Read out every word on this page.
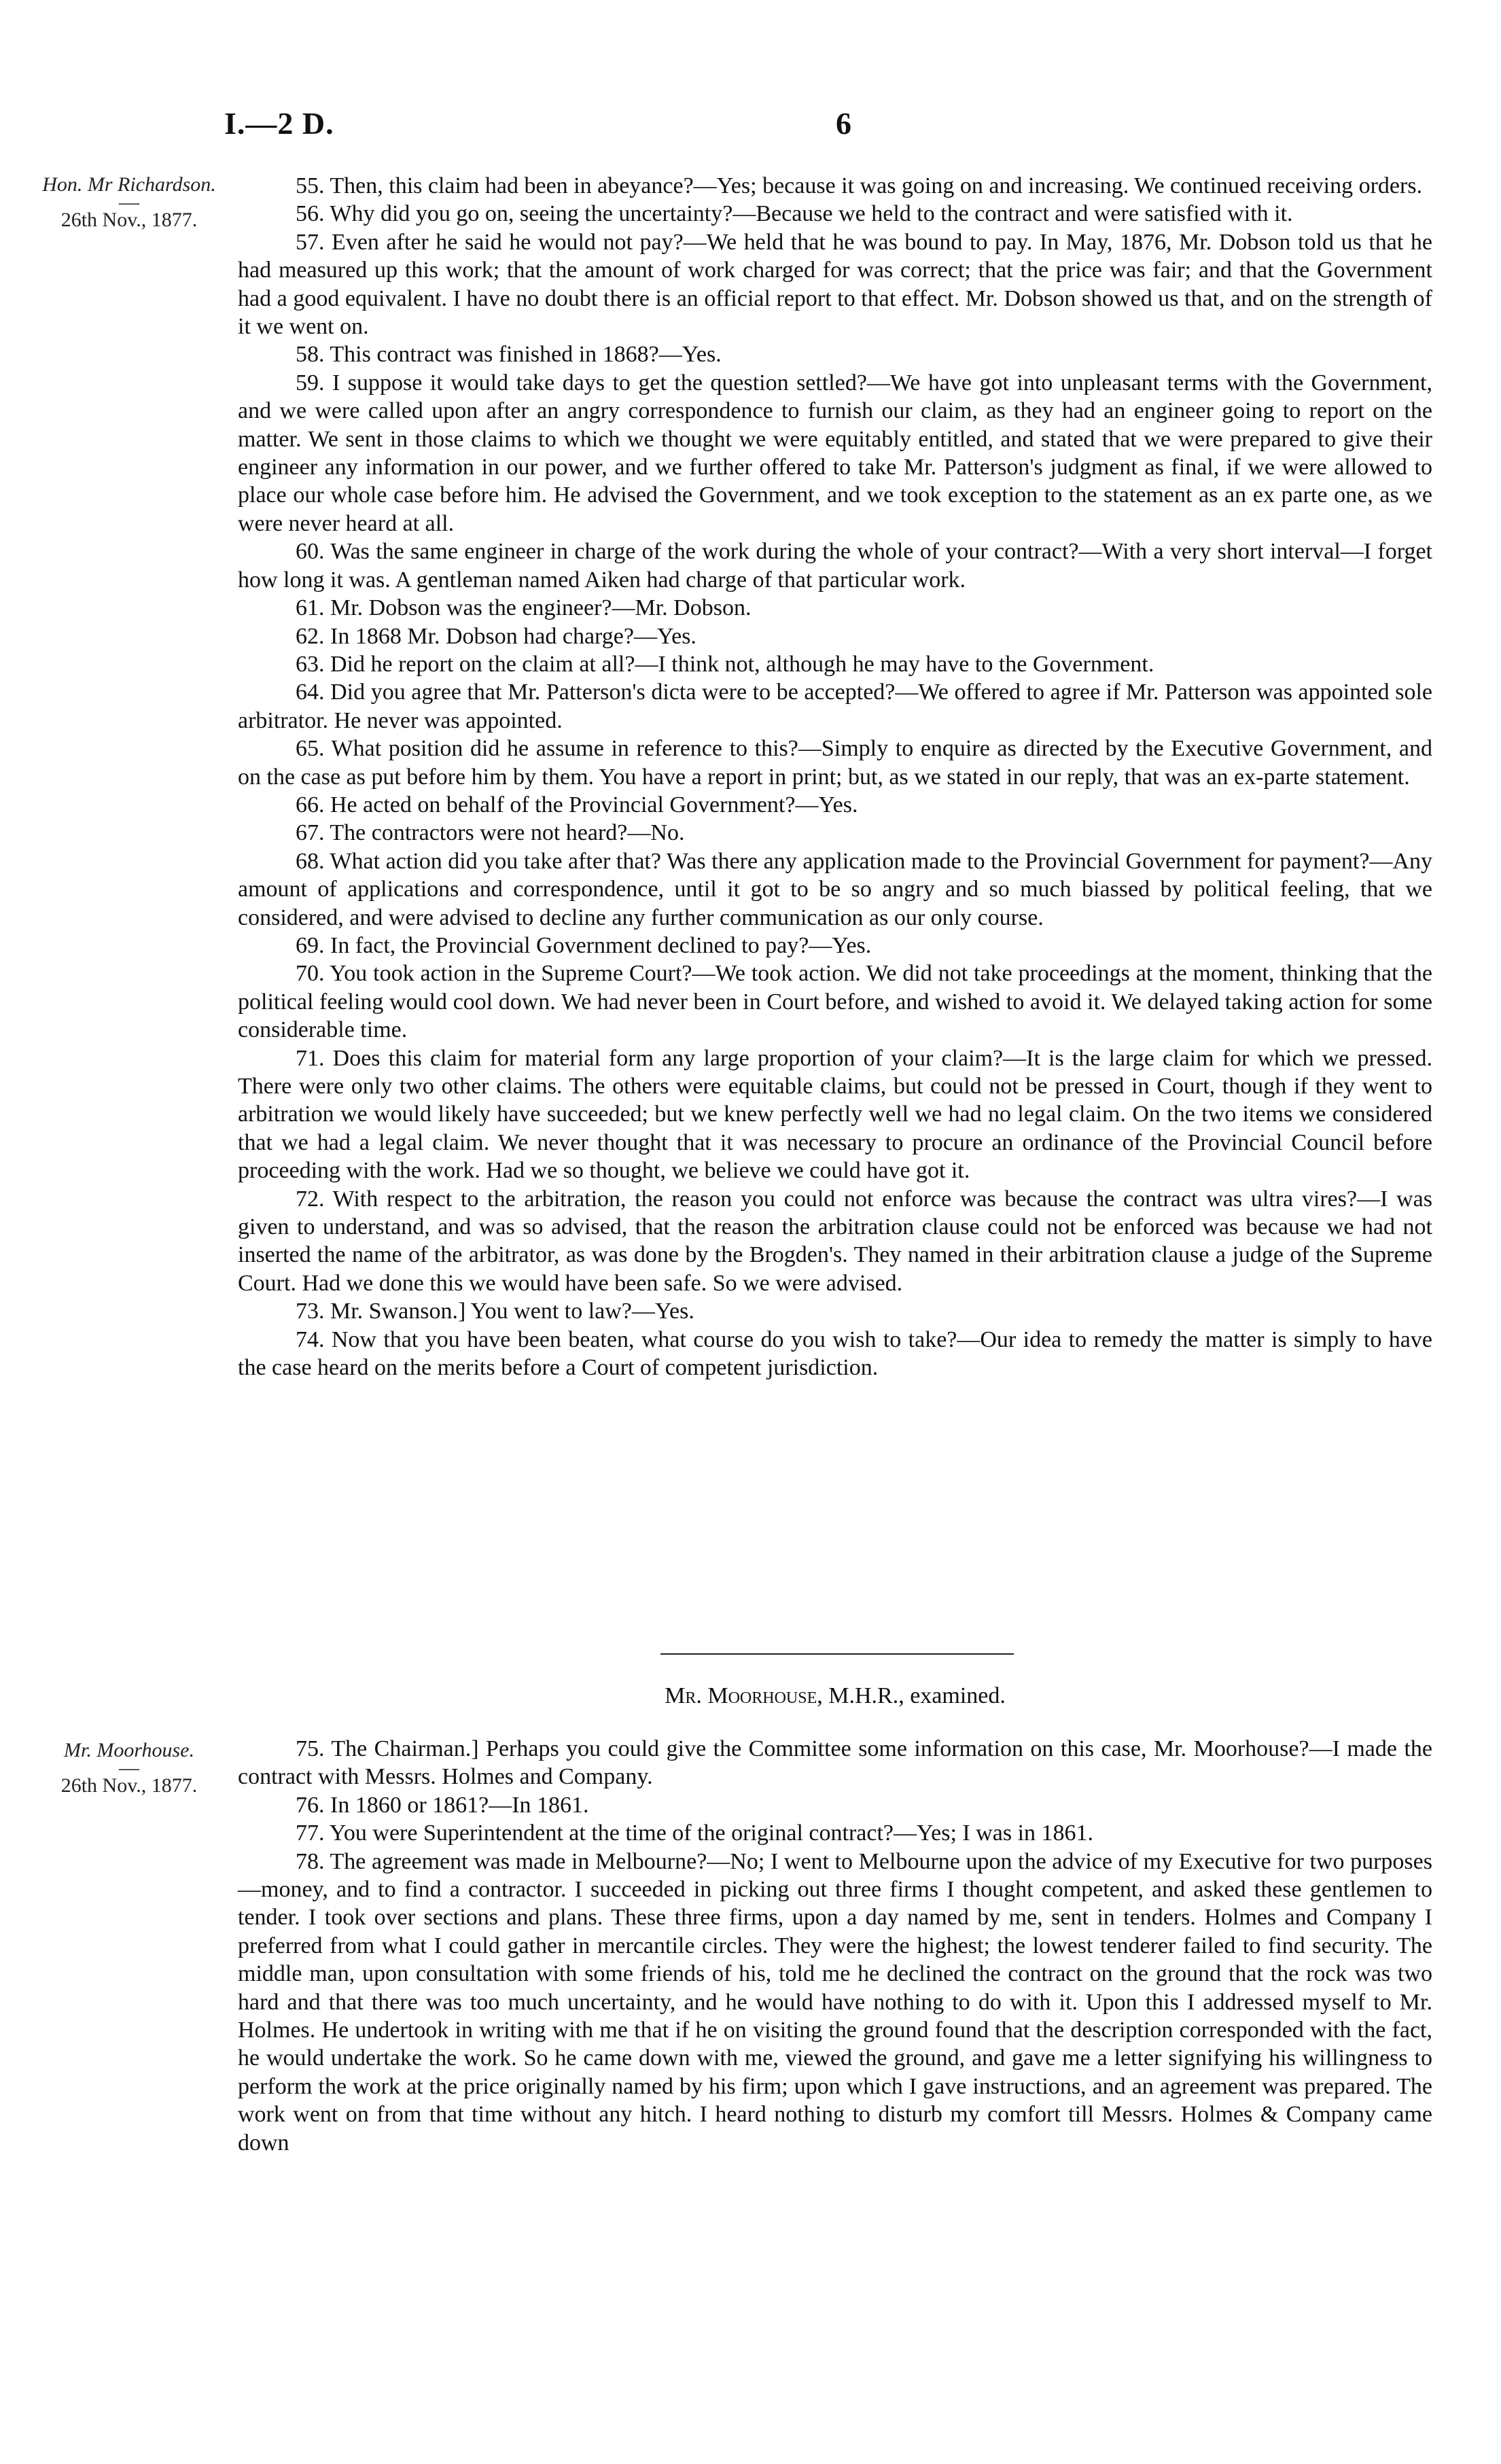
I.—2 D.	6
Hon. Mr Richardson.
—
26th Nov., 1877.

55. Then, this claim had been in abeyance?—Yes; because it was going on and increasing. We continued receiving orders.

56. Why did you go on, seeing the uncertainty?—Because we held to the contract and were satisfied with it.

57. Even after he said he would not pay?—We held that he was bound to pay. In May, 1876, Mr. Dobson told us that he had measured up this work; that the amount of work charged for was correct; that the price was fair; and that the Government had a good equivalent. I have no doubt there is an official report to that effect. Mr. Dobson showed us that, and on the strength of it we went on.

58. This contract was finished in 1868?—Yes.

59. I suppose it would take days to get the question settled?—We have got into unpleasant terms with the Government, and we were called upon after an angry correspondence to furnish our claim, as they had an engineer going to report on the matter. We sent in those claims to which we thought we were equitably entitled, and stated that we were prepared to give their engineer any information in our power, and we further offered to take Mr. Patterson's judgment as final, if we were allowed to place our whole case before him. He advised the Government, and we took exception to the statement as an ex parte one, as we were never heard at all.

60. Was the same engineer in charge of the work during the whole of your contract?—With a very short interval—I forget how long it was. A gentleman named Aiken had charge of that particular work.

61. Mr. Dobson was the engineer?—Mr. Dobson.

62. In 1868 Mr. Dobson had charge?—Yes.

63. Did he report on the claim at all?—I think not, although he may have to the Government.

64. Did you agree that Mr. Patterson's dicta were to be accepted?—We offered to agree if Mr. Patterson was appointed sole arbitrator. He never was appointed.

65. What position did he assume in reference to this?—Simply to enquire as directed by the Executive Government, and on the case as put before him by them. You have a report in print; but, as we stated in our reply, that was an ex-parte statement.

66. He acted on behalf of the Provincial Government?—Yes.

67. The contractors were not heard?—No.

68. What action did you take after that? Was there any application made to the Provincial Government for payment?—Any amount of applications and correspondence, until it got to be so angry and so much biassed by political feeling, that we considered, and were advised to decline any further communication as our only course.

69. In fact, the Provincial Government declined to pay?—Yes.

70. You took action in the Supreme Court?—We took action. We did not take proceedings at the moment, thinking that the political feeling would cool down. We had never been in Court before, and wished to avoid it. We delayed taking action for some considerable time.

71. Does this claim for material form any large proportion of your claim?—It is the large claim for which we pressed. There were only two other claims. The others were equitable claims, but could not be pressed in Court, though if they went to arbitration we would likely have succeeded; but we knew perfectly well we had no legal claim. On the two items we considered that we had a legal claim. We never thought that it was necessary to procure an ordinance of the Provincial Council before proceeding with the work. Had we so thought, we believe we could have got it.

72. With respect to the arbitration, the reason you could not enforce was because the contract was ultra vires?—I was given to understand, and was so advised, that the reason the arbitration clause could not be enforced was because we had not inserted the name of the arbitrator, as was done by the Brogden's. They named in their arbitration clause a judge of the Supreme Court. Had we done this we would have been safe. So we were advised.

73. Mr. Swanson.] You went to law?—Yes.

74. Now that you have been beaten, what course do you wish to take?—Our idea to remedy the matter is simply to have the case heard on the merits before a Court of competent jurisdiction.

Mr. Moorhouse, M.H.R., examined.
Mr. Moorhouse.
—
26th Nov., 1877.

75. The Chairman.] Perhaps you could give the Committee some information on this case, Mr. Moorhouse?—I made the contract with Messrs. Holmes and Company.

76. In 1860 or 1861?—In 1861.

77. You were Superintendent at the time of the original contract?—Yes; I was in 1861.

78. The agreement was made in Melbourne?—No; I went to Melbourne upon the advice of my Executive for two purposes—money, and to find a contractor. I succeeded in picking out three firms I thought competent, and asked these gentlemen to tender. I took over sections and plans. These three firms, upon a day named by me, sent in tenders. Holmes and Company I preferred from what I could gather in mercantile circles. They were the highest; the lowest tenderer failed to find security. The middle man, upon consultation with some friends of his, told me he declined the contract on the ground that the rock was two hard and that there was too much uncertainty, and he would have nothing to do with it. Upon this I addressed myself to Mr. Holmes. He undertook in writing with me that if he on visiting the ground found that the description corresponded with the fact, he would undertake the work. So he came down with me, viewed the ground, and gave me a letter signifying his willingness to perform the work at the price originally named by his firm; upon which I gave instructions, and an agreement was prepared. The work went on from that time without any hitch. I heard nothing to disturb my comfort till Messrs. Holmes & Company came down
